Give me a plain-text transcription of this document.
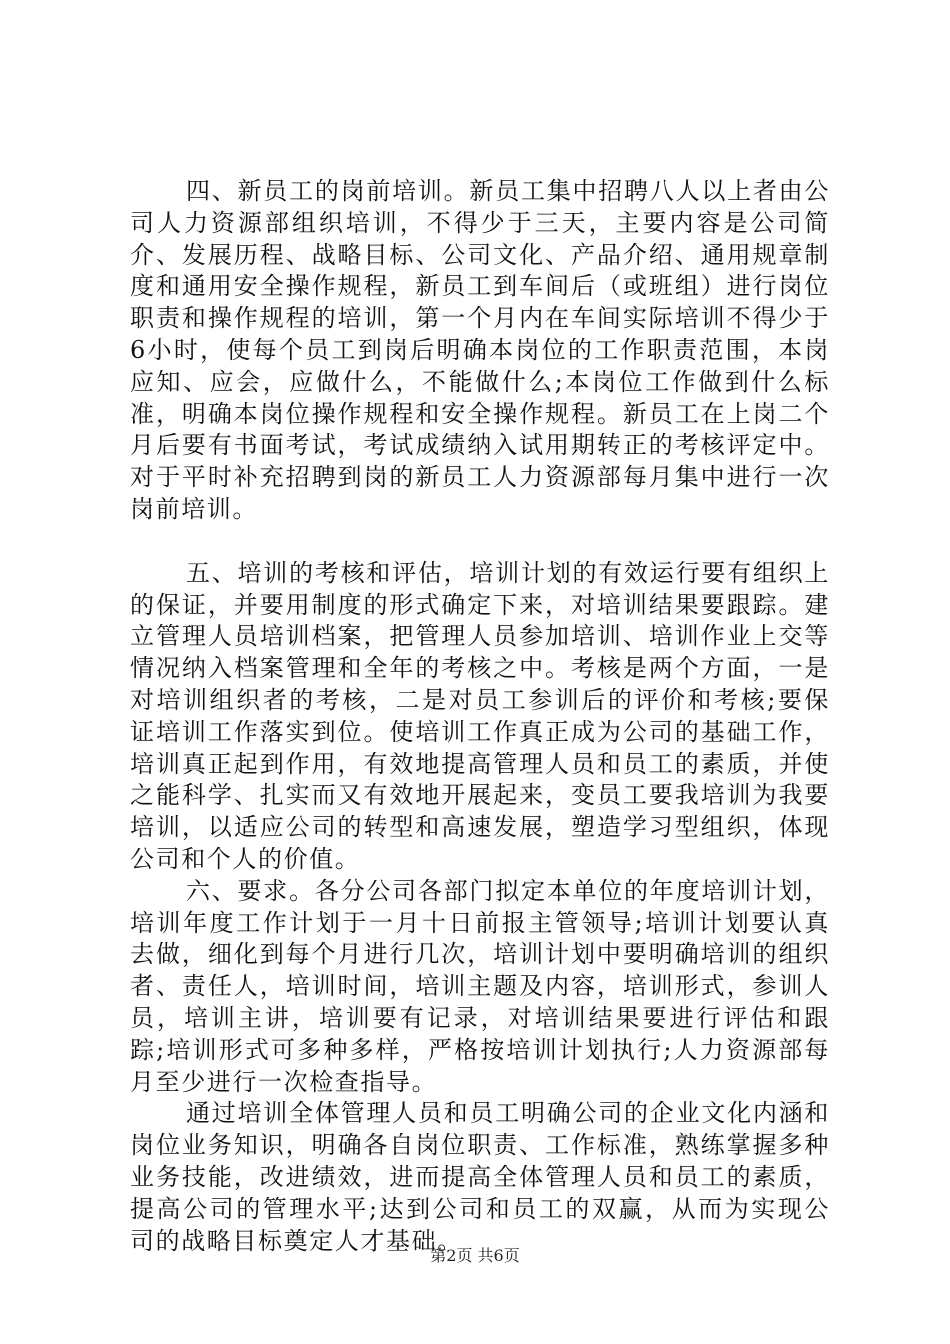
四、新员工的岗前培训。新员工集中招聘八人以上者由公司人力资源部组织培训，不得少于三天，主要内容是公司简介、发展历程、战略目标、公司文化、产品介绍、通用规章制度和通用安全操作规程，新员工到车间后（或班组）进行岗位职责和操作规程的培训，第一个月内在车间实际培训不得少于6小时，使每个员工到岗后明确本岗位的工作职责范围，本岗应知、应会，应做什么，不能做什么;本岗位工作做到什么标准，明确本岗位操作规程和安全操作规程。新员工在上岗二个月后要有书面考试，考试成绩纳入试用期转正的考核评定中。对于平时补充招聘到岗的新员工人力资源部每月集中进行一次岗前培训。

五、培训的考核和评估，培训计划的有效运行要有组织上的保证，并要用制度的形式确定下来，对培训结果要跟踪。建立管理人员培训档案，把管理人员参加培训、培训作业上交等情况纳入档案管理和全年的考核之中。考核是两个方面，一是对培训组织者的考核，二是对员工参训后的评价和考核;要保证培训工作落实到位。使培训工作真正成为公司的基础工作，培训真正起到作用，有效地提高管理人员和员工的素质，并使之能科学、扎实而又有效地开展起来，变员工要我培训为我要培训，以适应公司的转型和高速发展，塑造学习型组织，体现公司和个人的价值。

六、要求。各分公司各部门拟定本单位的年度培训计划，培训年度工作计划于一月十日前报主管领导;培训计划要认真去做，细化到每个月进行几次，培训计划中要明确培训的组织者、责任人，培训时间，培训主题及内容，培训形式，参训人员，培训主讲，培训要有记录，对培训结果要进行评估和跟踪;培训形式可多种多样，严格按培训计划执行;人力资源部每月至少进行一次检查指导。

通过培训全体管理人员和员工明确公司的企业文化内涵和岗位业务知识，明确各自岗位职责、工作标准，熟练掌握多种业务技能，改进绩效，进而提高全体管理人员和员工的素质，提高公司的管理水平;达到公司和员工的双赢，从而为实现公司的战略目标奠定人才基础。

第2页 共6页
